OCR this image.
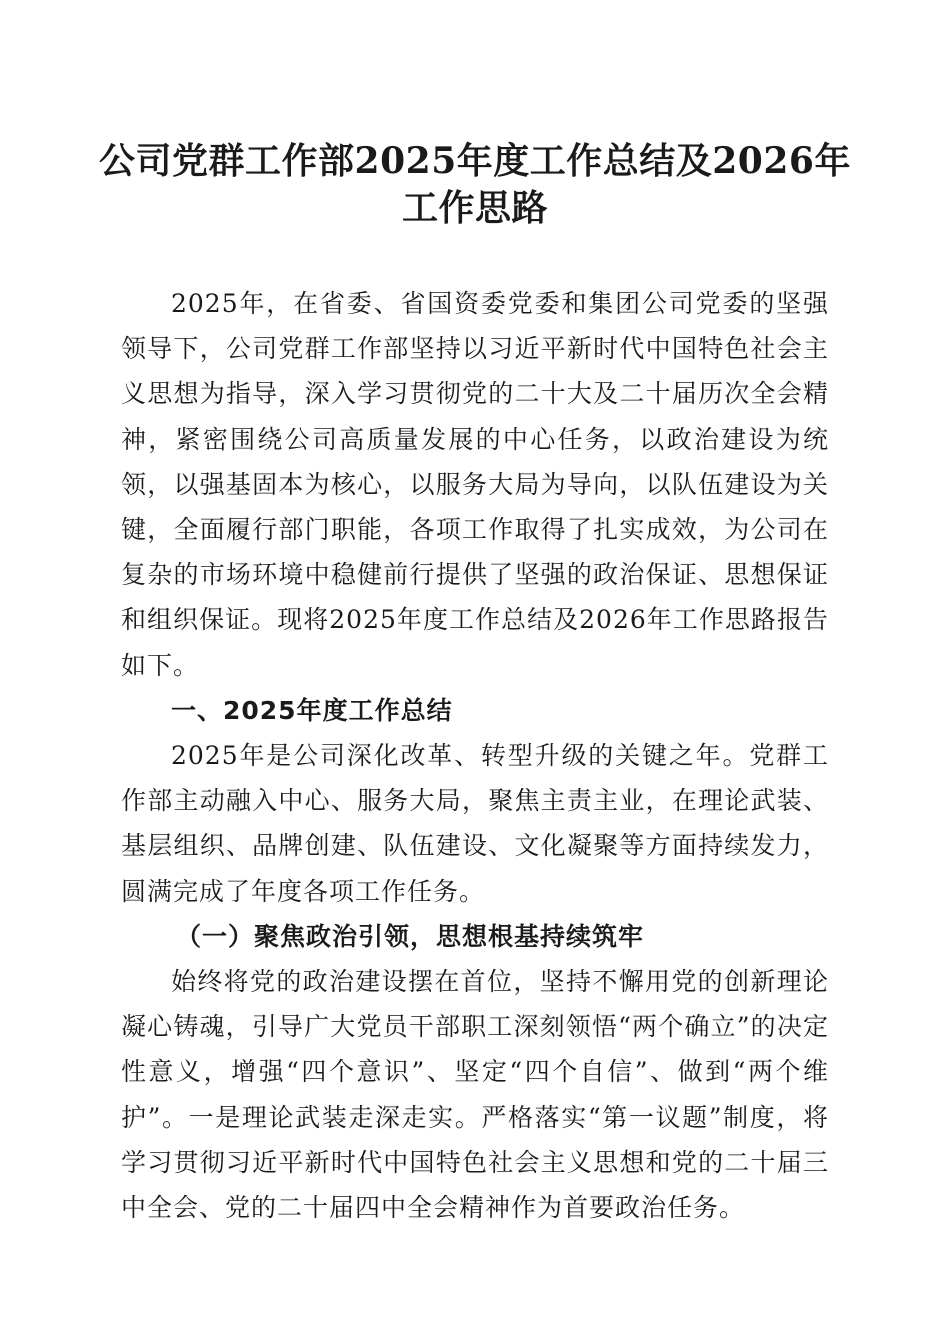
公司党群工作部2025年度工作总结及2026年
工作思路

2025年，在省委、省国资委党委和集团公司党委的坚强领导下，公司党群工作部坚持以习近平新时代中国特色社会主义思想为指导，深入学习贯彻党的二十大及二十届历次全会精神，紧密围绕公司高质量发展的中心任务，以政治建设为统领，以强基固本为核心，以服务大局为导向，以队伍建设为关键，全面履行部门职能，各项工作取得了扎实成效，为公司在复杂的市场环境中稳健前行提供了坚强的政治保证、思想保证和组织保证。现将2025年度工作总结及2026年工作思路报告如下。

一、2025年度工作总结

2025年是公司深化改革、转型升级的关键之年。党群工作部主动融入中心、服务大局，聚焦主责主业，在理论武装、基层组织、品牌创建、队伍建设、文化凝聚等方面持续发力，圆满完成了年度各项工作任务。

（一）聚焦政治引领，思想根基持续筑牢

始终将党的政治建设摆在首位，坚持不懈用党的创新理论凝心铸魂，引导广大党员干部职工深刻领悟“两个确立”的决定性意义，增强“四个意识”、坚定“四个自信”、做到“两个维护”。一是理论武装走深走实。严格落实“第一议题”制度，将学习贯彻习近平新时代中国特色社会主义思想和党的二十届三中全会、党的二十届四中全会精神作为首要政治任务。
